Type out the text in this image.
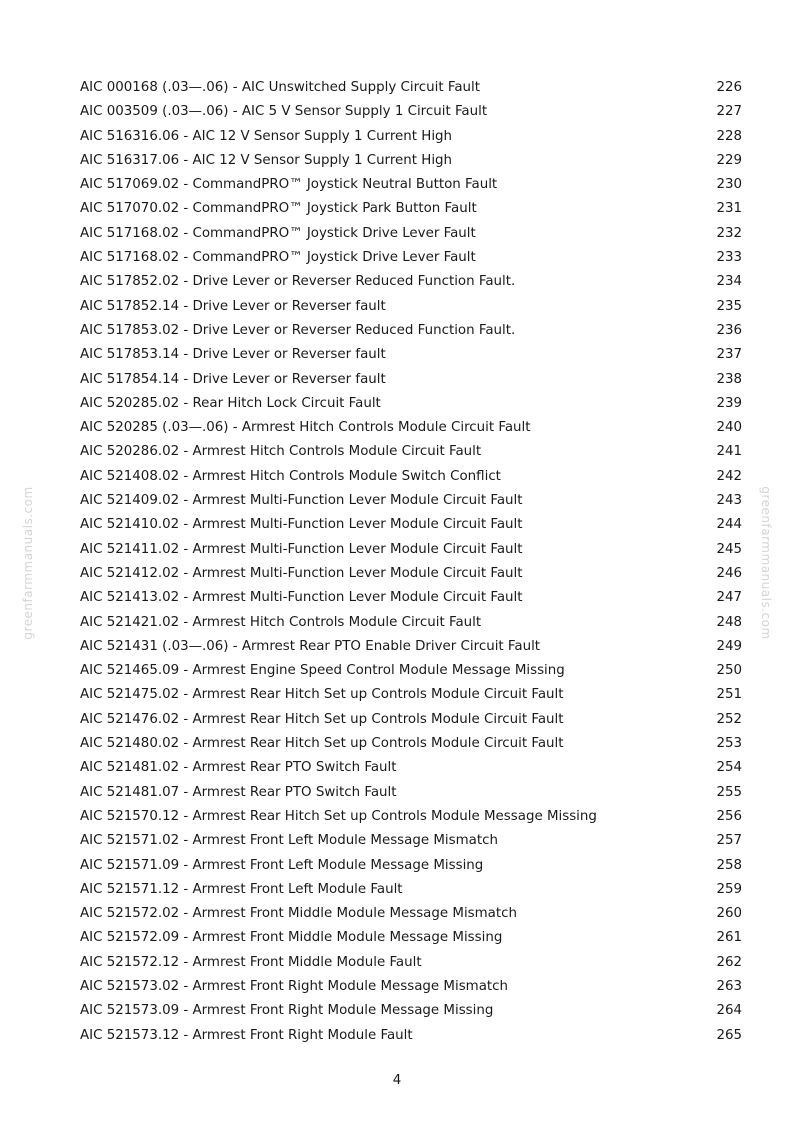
AIC 000168 (.03—.06) - AIC Unswitched Supply Circuit Fault	226
AIC 003509 (.03—.06) - AIC 5 V Sensor Supply 1 Circuit Fault	227
AIC 516316.06 - AIC 12 V Sensor Supply 1 Current High	228
AIC 516317.06 - AIC 12 V Sensor Supply 1 Current High	229
AIC 517069.02 - CommandPRO™ Joystick Neutral Button Fault	230
AIC 517070.02 - CommandPRO™ Joystick Park Button Fault	231
AIC 517168.02 - CommandPRO™ Joystick Drive Lever Fault	232
AIC 517168.02 - CommandPRO™ Joystick Drive Lever Fault	233
AIC 517852.02 - Drive Lever or Reverser Reduced Function Fault.	234
AIC 517852.14 - Drive Lever or Reverser fault	235
AIC 517853.02 - Drive Lever or Reverser Reduced Function Fault.	236
AIC 517853.14 - Drive Lever or Reverser fault	237
AIC 517854.14 - Drive Lever or Reverser fault	238
AIC 520285.02 - Rear Hitch Lock Circuit Fault	239
AIC 520285 (.03—.06) - Armrest Hitch Controls Module Circuit Fault	240
AIC 520286.02 - Armrest Hitch Controls Module Circuit Fault	241
AIC 521408.02 - Armrest Hitch Controls Module Switch Conflict	242
AIC 521409.02 - Armrest Multi-Function Lever Module Circuit Fault	243
AIC 521410.02 - Armrest Multi-Function Lever Module Circuit Fault	244
AIC 521411.02 - Armrest Multi-Function Lever Module Circuit Fault	245
AIC 521412.02 - Armrest Multi-Function Lever Module Circuit Fault	246
AIC 521413.02 - Armrest Multi-Function Lever Module Circuit Fault	247
AIC 521421.02 - Armrest Hitch Controls Module Circuit Fault	248
AIC 521431 (.03—.06) - Armrest Rear PTO Enable Driver Circuit Fault	249
AIC 521465.09 - Armrest Engine Speed Control Module Message Missing	250
AIC 521475.02 - Armrest Rear Hitch Set up Controls Module Circuit Fault	251
AIC 521476.02 - Armrest Rear Hitch Set up Controls Module Circuit Fault	252
AIC 521480.02 - Armrest Rear Hitch Set up Controls Module Circuit Fault	253
AIC 521481.02 - Armrest Rear PTO Switch Fault	254
AIC 521481.07 - Armrest Rear PTO Switch Fault	255
AIC 521570.12 - Armrest Rear Hitch Set up Controls Module Message Missing	256
AIC 521571.02 - Armrest Front Left Module Message Mismatch	257
AIC 521571.09 - Armrest Front Left Module Message Missing	258
AIC 521571.12 - Armrest Front Left Module Fault	259
AIC 521572.02 - Armrest Front Middle Module Message Mismatch	260
AIC 521572.09 - Armrest Front Middle Module Message Missing	261
AIC 521572.12 - Armrest Front Middle Module Fault	262
AIC 521573.02 - Armrest Front Right Module Message Mismatch	263
AIC 521573.09 - Armrest Front Right Module Message Missing	264
AIC 521573.12 - Armrest Front Right Module Fault	265
4
greenfarmmanuals.com	greenfarmmanuals.com
